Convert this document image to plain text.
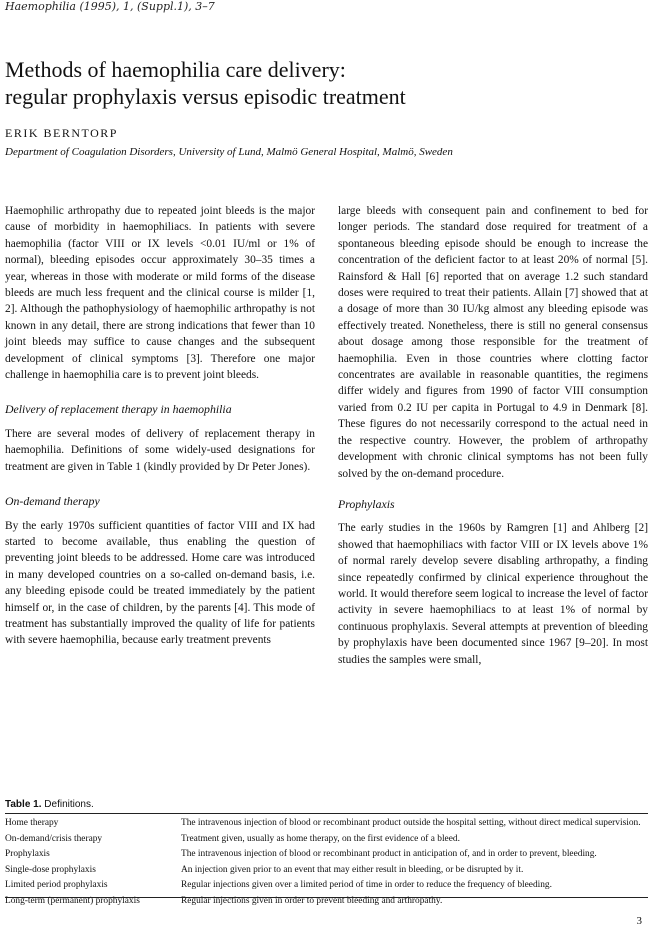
Haemophilia (1995), 1, (Suppl.1), 3–7
Methods of haemophilia care delivery:
regular prophylaxis versus episodic treatment
ERIK BERNTORP
Department of Coagulation Disorders, University of Lund, Malmö General Hospital, Malmö, Sweden

Haemophilic arthropathy due to repeated joint bleeds is the major cause of morbidity in haemophiliacs. In patients with severe haemophilia (factor VIII or IX levels <0.01 IU/ml or 1% of normal), bleeding episodes occur approximately 30–35 times a year, whereas in those with moderate or mild forms of the disease bleeds are much less frequent and the clinical course is milder [1, 2]. Although the pathophysiology of haemophilic arthropathy is not known in any detail, there are strong indications that fewer than 10 joint bleeds may suffice to cause changes and the subsequent development of clinical symptoms [3]. Therefore one major challenge in haemophilia care is to prevent joint bleeds.

Delivery of replacement therapy in haemophilia

There are several modes of delivery of replacement therapy in haemophilia. Definitions of some widely-used designations for treatment are given in Table 1 (kindly provided by Dr Peter Jones).

On-demand therapy

By the early 1970s sufficient quantities of factor VIII and IX had started to become available, thus enabling the question of preventing joint bleeds to be addressed. Home care was introduced in many developed countries on a so-called on-demand basis, i.e. any bleeding episode could be treated immediately by the patient himself or, in the case of children, by the parents [4]. This mode of treatment has substantially improved the quality of life for patients with severe haemophilia, because early treatment prevents

large bleeds with consequent pain and confinement to bed for longer periods. The standard dose required for treatment of a spontaneous bleeding episode should be enough to increase the concentration of the deficient factor to at least 20% of normal [5]. Rainsford & Hall [6] reported that on average 1.2 such standard doses were required to treat their patients. Allain [7] showed that at a dosage of more than 30 IU/kg almost any bleeding episode was effectively treated. Nonetheless, there is still no general consensus about dosage among those responsible for the treatment of haemophilia. Even in those countries where clotting factor concentrates are available in reasonable quantities, the regimens differ widely and figures from 1990 of factor VIII consumption varied from 0.2 IU per capita in Portugal to 4.9 in Denmark [8]. These figures do not necessarily correspond to the actual need in the respective country. However, the problem of arthropathy development with chronic clinical symptoms has not been fully solved by the on-demand procedure.

Prophylaxis

The early studies in the 1960s by Ramgren [1] and Ahlberg [2] showed that haemophiliacs with factor VIII or IX levels above 1% of normal rarely develop severe disabling arthropathy, a finding since repeatedly confirmed by clinical experience throughout the world. It would therefore seem logical to increase the level of factor activity in severe haemophiliacs to at least 1% of normal by continuous prophylaxis. Several attempts at prevention of bleeding by prophylaxis have been documented since 1967 [9–20]. In most studies the samples were small,

Table 1. Definitions.
Home therapy	The intravenous injection of blood or recombinant product outside the hospital setting, without direct medical supervision.
On-demand/crisis therapy	Treatment given, usually as home therapy, on the first evidence of a bleed.
Prophylaxis	The intravenous injection of blood or recombinant product in anticipation of, and in order to prevent, bleeding.
Single-dose prophylaxis	An injection given prior to an event that may either result in bleeding, or be disrupted by it.
Limited period prophylaxis	Regular injections given over a limited period of time in order to reduce the frequency of bleeding.
Long-term (permanent) prophylaxis	Regular injections given in order to prevent bleeding and arthropathy.
3
